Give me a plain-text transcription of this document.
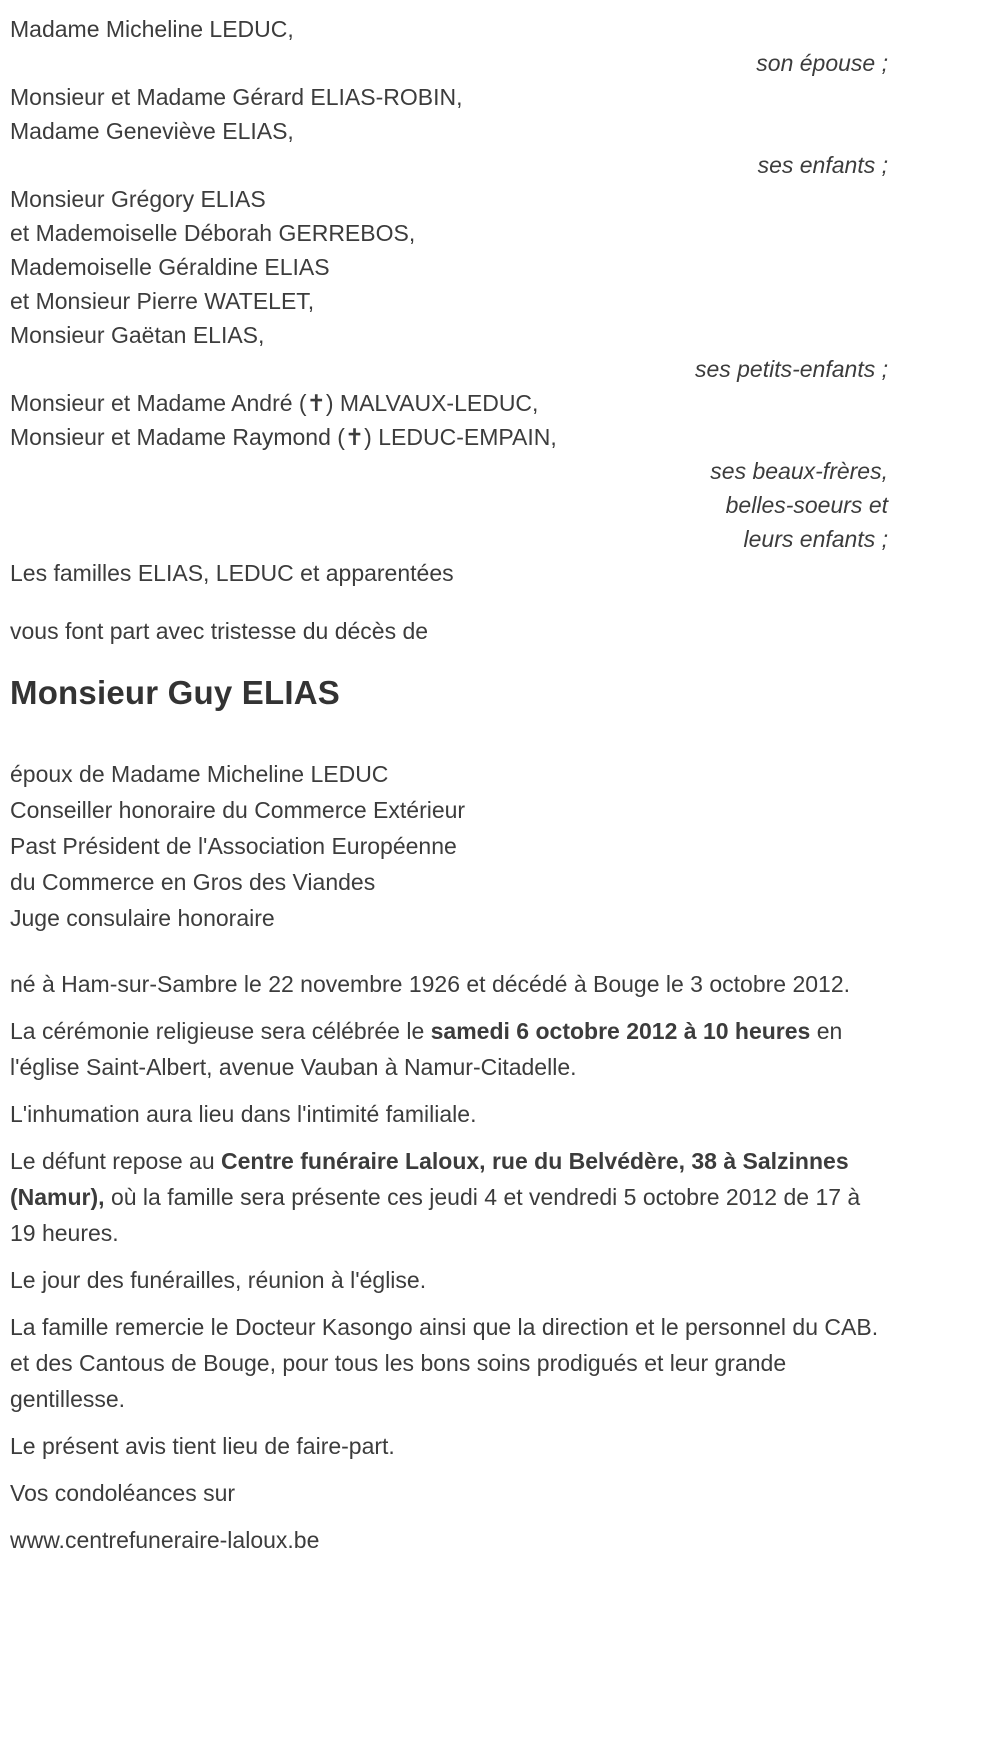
Madame Micheline LEDUC,

son épouse ;

Monsieur et Madame Gérard ELIAS-ROBIN,

Madame Geneviève ELIAS,

ses enfants ;

Monsieur Grégory ELIAS

et Mademoiselle Déborah GERREBOS,

Mademoiselle Géraldine ELIAS

et Monsieur Pierre WATELET,

Monsieur Gaëtan ELIAS,

ses petits-enfants ;

Monsieur et Madame André (✝) MALVAUX-LEDUC,

Monsieur et Madame Raymond (✝) LEDUC-EMPAIN,

ses beaux-frères,

belles-soeurs et

leurs enfants ;

Les familles ELIAS, LEDUC et apparentées

vous font part avec tristesse du décès de

Monsieur Guy ELIAS

époux de Madame Micheline LEDUC

Conseiller honoraire du Commerce Extérieur

Past Président de l'Association Européenne

du Commerce en Gros des Viandes

Juge consulaire honoraire

né à Ham-sur-Sambre le 22 novembre 1926 et décédé à Bouge le 3 octobre 2012.

La cérémonie religieuse sera célébrée le samedi 6 octobre 2012 à 10 heures en l'église Saint-Albert, avenue Vauban à Namur-Citadelle.

L'inhumation aura lieu dans l'intimité familiale.

Le défunt repose au Centre funéraire Laloux, rue du Belvédère, 38 à Salzinnes (Namur), où la famille sera présente ces jeudi 4 et vendredi 5 octobre 2012 de 17 à 19 heures.

Le jour des funérailles, réunion à l'église.

La famille remercie le Docteur Kasongo ainsi que la direction et le personnel du CAB. et des Cantous de Bouge, pour tous les bons soins prodigués et leur grande gentillesse.

Le présent avis tient lieu de faire-part.

Vos condoléances sur

www.centrefuneraire-laloux.be
